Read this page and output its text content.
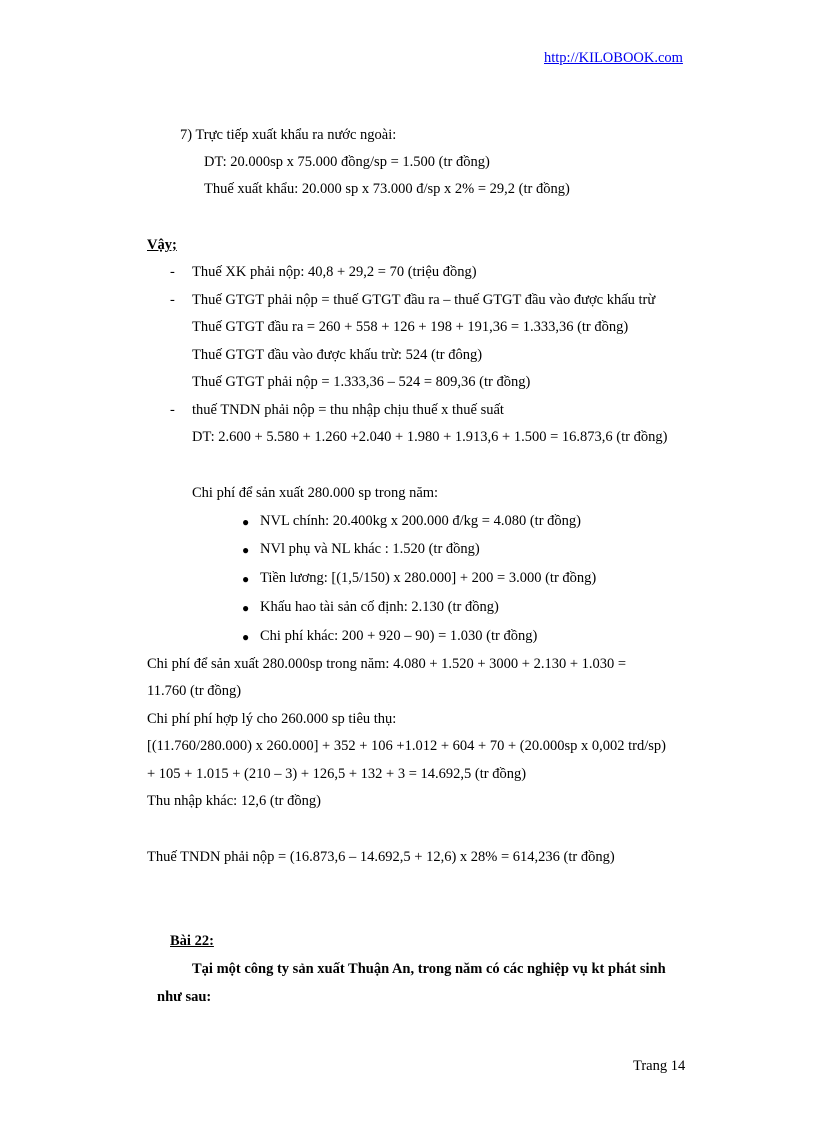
http://KILOBOOK.com
7) Trực tiếp xuất khẩu ra nước ngoài:
DT: 20.000sp x 75.000 đồng/sp = 1.500 (tr đồng)
Thuế xuất khẩu: 20.000 sp x 73.000 đ/sp x 2% = 29,2 (tr đồng)
Vậy;
- Thuế XK phải nộp: 40,8 + 29,2 = 70 (triệu đồng)
- Thuế GTGT phải nộp = thuế GTGT đầu ra – thuế GTGT đầu vào được khấu trừ
Thuế GTGT đầu ra = 260 + 558 + 126 + 198 + 191,36 = 1.333,36 (tr đồng)
Thuế GTGT đầu vào được khấu trừ: 524 (tr đông)
Thuế GTGT phải nộp = 1.333,36 – 524 = 809,36 (tr đồng)
- thuế TNDN phải nộp = thu nhập chịu thuế x thuế suất
DT: 2.600 + 5.580 + 1.260 +2.040 + 1.980 + 1.913,6 + 1.500 = 16.873,6 (tr đồng)
Chi phí để sản xuất 280.000 sp trong năm:
● NVL chính: 20.400kg x 200.000 đ/kg = 4.080 (tr đồng)
● NVl phụ và NL khác : 1.520 (tr đồng)
● Tiền lương: [(1,5/150) x 280.000] + 200 = 3.000 (tr đồng)
● Khấu hao tài sản cố định: 2.130 (tr đồng)
● Chi phí khác: 200 + 920 – 90) = 1.030 (tr đồng)
Chi phí để sản xuất 280.000sp trong năm: 4.080 + 1.520 + 3000 + 2.130 + 1.030 =
11.760 (tr đồng)
Chi phí phí hợp lý cho 260.000 sp tiêu thụ:
[(11.760/280.000) x 260.000] + 352 + 106 +1.012 + 604 + 70 + (20.000sp x 0,002 trd/sp)
+ 105 + 1.015 + (210 – 3) + 126,5 + 132 + 3 = 14.692,5 (tr đồng)
Thu nhập khác: 12,6 (tr đồng)
Thuế TNDN phải nộp = (16.873,6 – 14.692,5 + 12,6) x 28% = 614,236 (tr đồng)
Bài 22:
Tại một công ty sản xuất Thuận An, trong năm có các nghiệp vụ kt phát sinh
như sau:
Trang 14
